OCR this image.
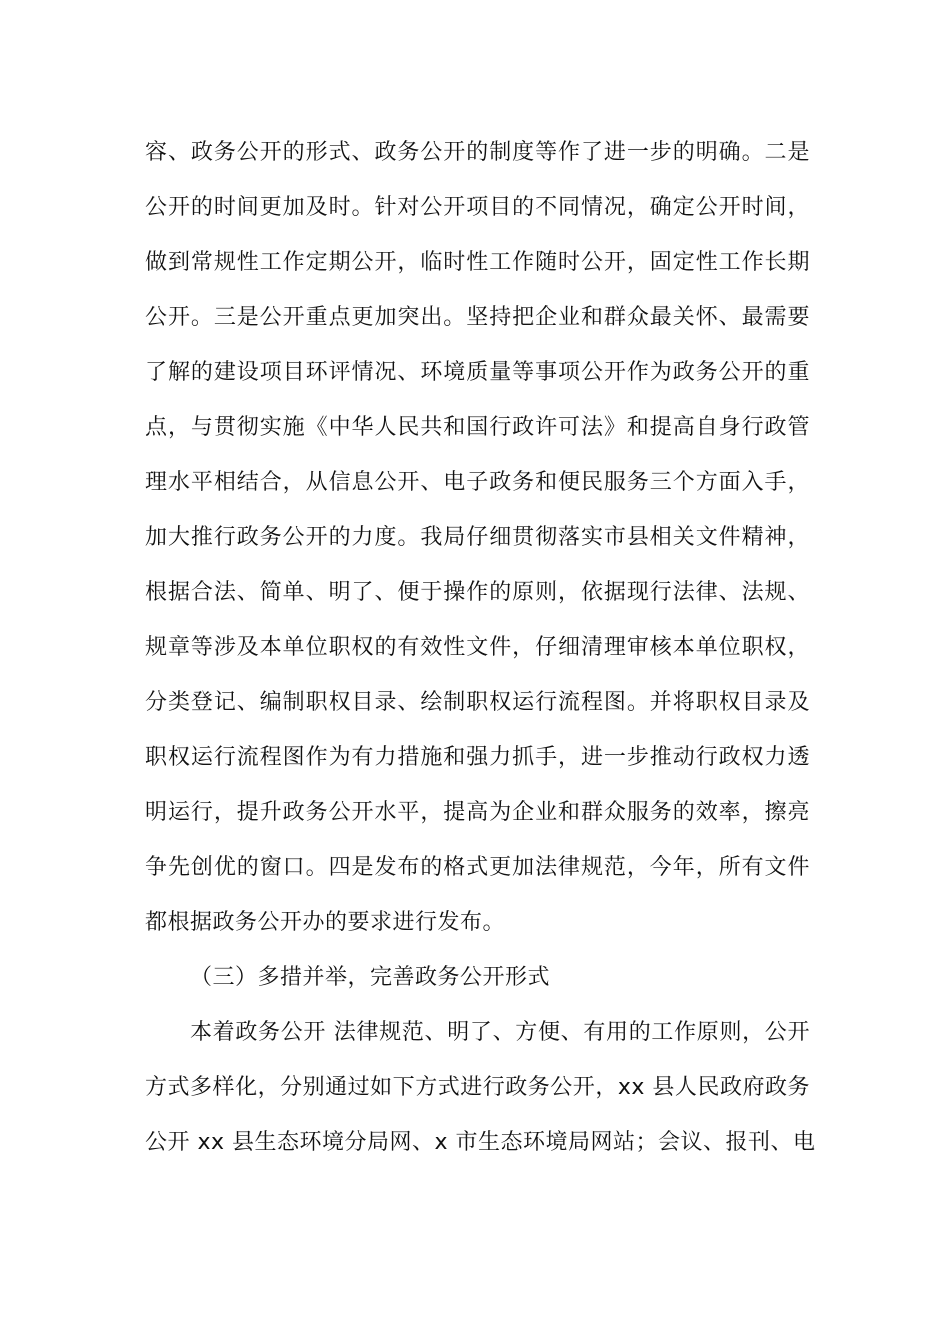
容、政务公开的形式、政务公开的制度等作了进一步的明确。二是
公开的时间更加及时。针对公开项目的不同情况，确定公开时间，
做到常规性工作定期公开，临时性工作随时公开，固定性工作长期
公开。三是公开重点更加突出。坚持把企业和群众最关怀、最需要
了解的建设项目环评情况、环境质量等事项公开作为政务公开的重
点，与贯彻实施《中华人民共和国行政许可法》和提高自身行政管
理水平相结合，从信息公开、电子政务和便民服务三个方面入手，
加大推行政务公开的力度。我局仔细贯彻落实市县相关文件精神，
根据合法、简单、明了、便于操作的原则，依据现行法律、法规、
规章等涉及本单位职权的有效性文件，仔细清理审核本单位职权，
分类登记、编制职权目录、绘制职权运行流程图。并将职权目录及
职权运行流程图作为有力措施和强力抓手，进一步推动行政权力透
明运行，提升政务公开水平，提高为企业和群众服务的效率，擦亮
争先创优的窗口。四是发布的格式更加法律规范，今年，所有文件
都根据政务公开办的要求进行发布。
（三）多措并举，完善政务公开形式
本着政务公开 法律规范、明了、方便、有用的工作原则，公开
方式多样化，分别通过如下方式进行政务公开，xx 县人民政府政务
公开 xx 县生态环境分局网、x 市生态环境局网站；会议、报刊、电
